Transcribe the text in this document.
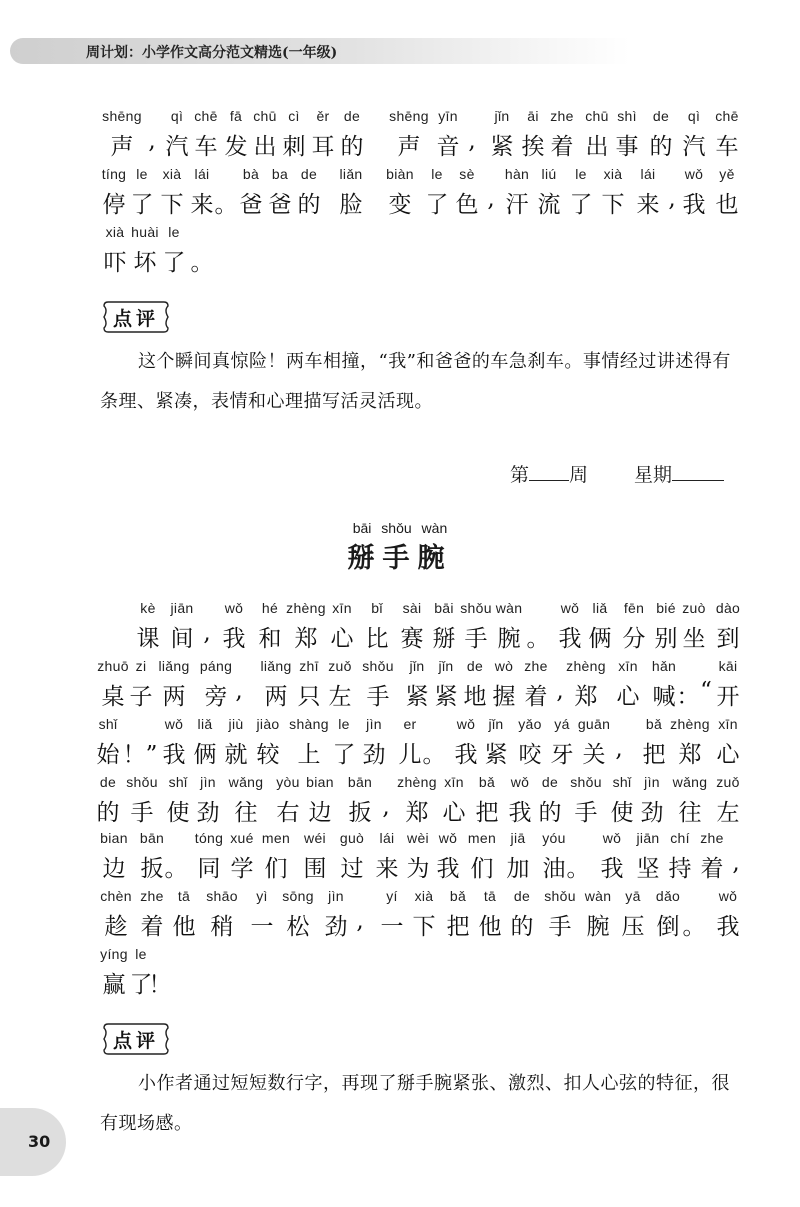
周计划：小学作文高分范文精选(一年级)
shēng
声 ,
qì
汽
chē
车
fā
发
chū
出
cì
刺
ěr
耳
de
的
shēng
声
yīn
音 ,
jǐn
紧
āi
挨
zhe
着
chū
出
shì
事
de
的
qì
汽
chē
车
tíng
停
le
了
xià
下
lái
来 。
bà
爸
ba
爸
de
的
liǎn
脸
biàn
变
le
了
sè
色 ,
hàn
汗
liú
流
le
了
xià
下
lái
来 ,
wǒ
我
yě
也
xià
吓
huài
坏
le
了 。
点评
这个瞬间真惊险！两车相撞，“我”和爸爸的车急刹车。事情经过讲述得有条理、紧凑，表情和心理描写活灵活现。
第 周 星期
bāi shǒu wàn
掰手腕
kè
课
jiān
间 ,
wǒ
我
hé
和
zhèng
郑
xīn
心
bǐ
比
sài
赛
bāi
掰
shǒu
手
wàn
腕 。
wǒ
我
liǎ
俩
fēn
分
bié
别
zuò
坐
dào
到
zhuō
桌
zi
子
liǎng
两
páng
旁 ,
liǎng
两
zhī
只
zuǒ
左
shǒu
手
jǐn
紧
jǐn
紧
de
地
wò
握
zhe
着 ,
zhèng
郑
xīn
心
hǎn
喊 ： “
kāi
开
shǐ
始 ！”
wǒ
我
liǎ
俩
jiù
就
jiào
较
shàng
上
le
了
jìn
劲
er
儿 。
wǒ
我
jǐn
紧
yǎo
咬
yá
牙
guān
关 ,
bǎ
把
zhèng
郑
xīn
心
de
的
shǒu
手
shǐ
使
jìn
劲
wǎng
往
yòu
右
bian
边
bān
扳 ,
zhèng
郑
xīn
心
bǎ
把
wǒ
我
de
的
shǒu
手
shǐ
使
jìn
劲
wǎng
往
zuǒ
左
bian
边
bān
扳 。
tóng
同
xué
学
men
们
wéi
围
guò
过
lái
来
wèi
为
wǒ
我
men
们
jiā
加
yóu
油 。
wǒ
我
jiān
坚
chí
持
zhe
着 ,
chèn
趁
zhe
着
tā
他
shāo
稍
yì
一
sōng
松
jìn
劲 ,
yí
一
xià
下
bǎ
把
tā
他
de
的
shǒu
手
wàn
腕
yā
压
dǎo
倒 。
wǒ
我
yíng
赢
le
了
！
点评
小作者通过短短数行字，再现了掰手腕紧张、激烈、扣人心弦的特征，很有现场感。
30
